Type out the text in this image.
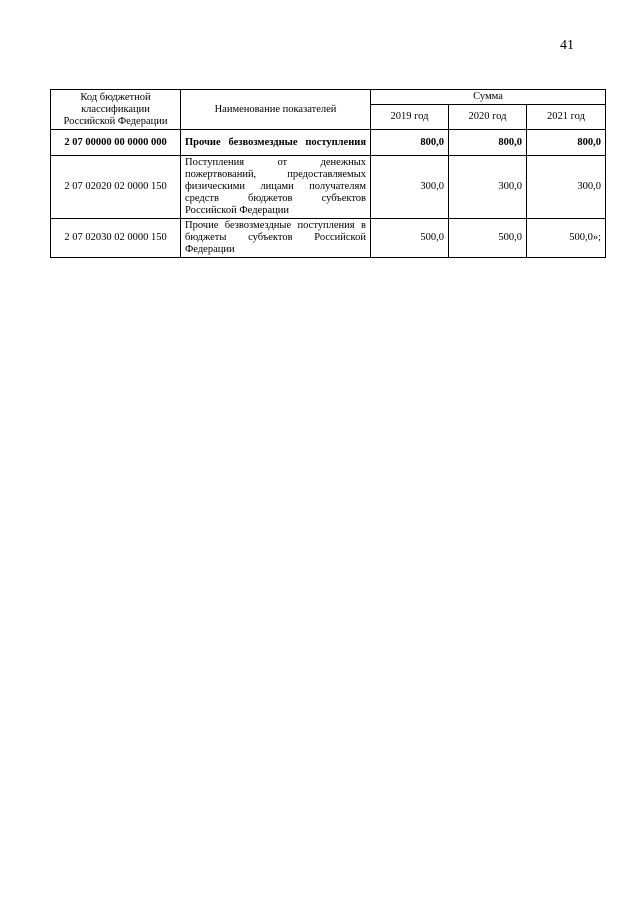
41
Код бюджетной классификации Российской Федерации	Наименование показателей	Сумма		
		2019 год	2020 год	2021 год
2 07 00000 00 0000 000	Прочие безвозмездные поступления	800,0	800,0	800,0
2 07 02020 02 0000 150	Поступления от денежных пожертвований, предоставляемых физическими лицами получателям средств бюджетов субъектов Российской Федерации	300,0	300,0	300,0
2 07 02030 02 0000 150	Прочие безвозмездные поступления в бюджеты субъектов Российской Федерации	500,0	500,0	500,0»;
